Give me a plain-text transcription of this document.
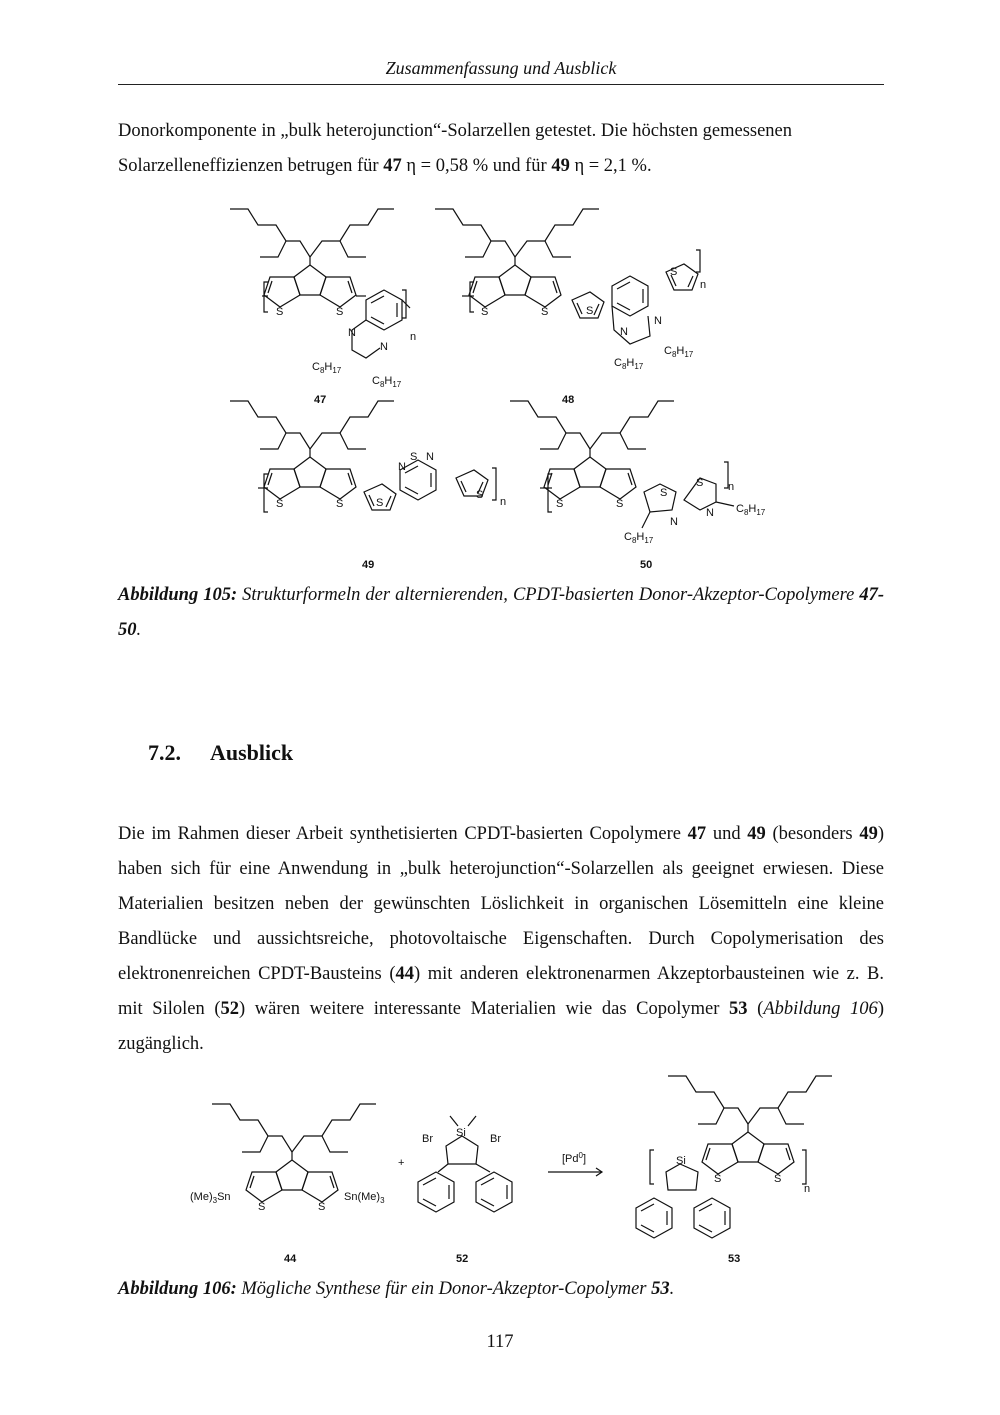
Zusammenfassung und Ausblick

Donorkomponente in „bulk heterojunction“-Solarzellen getestet. Die höchsten gemessenen
Solarzelleneffizienzen betrugen für 47 η = 0,58 % und für 49 η = 2,1 %.

S
N
N
n
$C_8H_{17}$
$C_8H_{17}$
47
S
N
N
S
n
$C_8H_{17}$
$C_8H_{17}$
48
S
N
S N
S
n
49
S
N
$C_8H_{17}$
S
N
n
$C_8H_{17}$
50
$(Me)_3Sn$	$Sn(Me)_3$
44
+
Si
Br	Br
52
[Pd$^0$]	Si
n
53

Abbildung 105: Strukturformeln der alternierenden, CPDT-basierten Donor-Akzeptor-Copolymere 47-50.

7.2. Ausblick

Die im Rahmen dieser Arbeit synthetisierten CPDT-basierten Copolymere 47 und 49 (besonders 49) haben sich für eine Anwendung in „bulk heterojunction“-Solarzellen als geeignet erwiesen. Diese Materialien besitzen neben der gewünschten Löslichkeit in organischen Lösemitteln eine kleine Bandlücke und aussichtsreiche, photovoltaische Eigenschaften. Durch Copolymerisation des elektronenreichen CPDT-Bausteins (44) mit anderen elektronenarmen Akzeptorbausteinen wie z. B. mit Silolen (52) wären weitere interessante Materialien wie das Copolymer 53 (Abbildung 106) zugänglich.

Abbildung 106: Mögliche Synthese für ein Donor-Akzeptor-Copolymer 53.

117
